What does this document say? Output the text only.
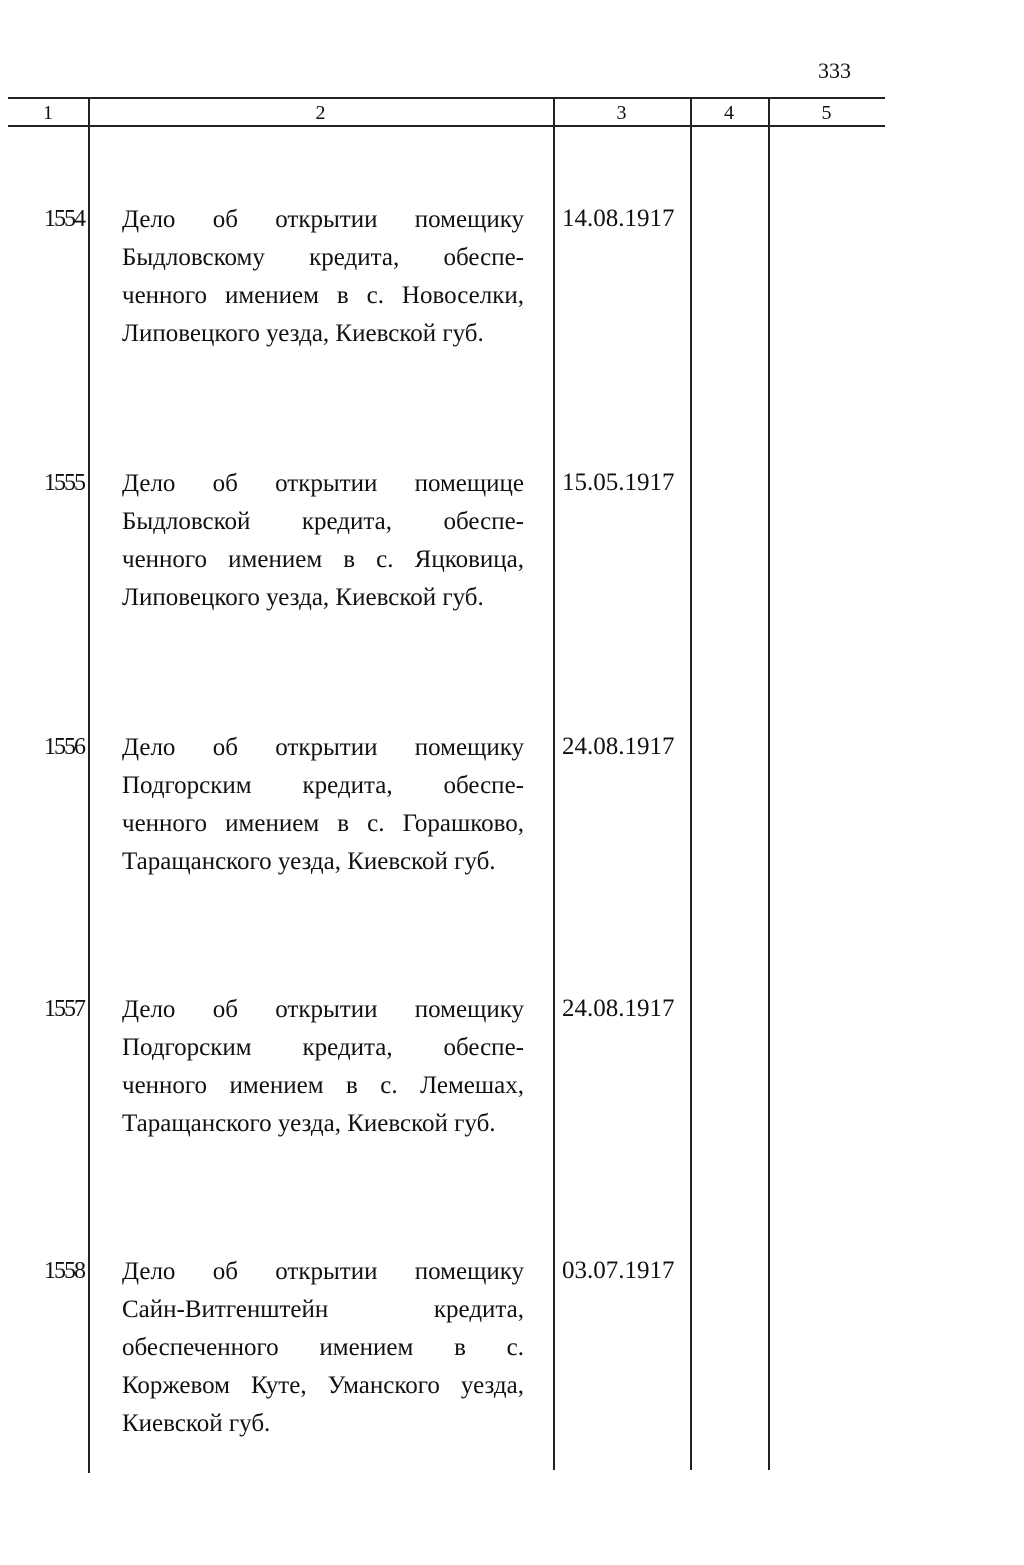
333
1	2	3	4	5
1554 Дело об открытии помещику
Быдловскому кредита, обеспе-
ченного имением в с. Новоселки,
Липовецкого уезда, Киевской губ.
14.08.1917
1555 Дело об открытии помещице
Быдловской кредита, обеспе-
ченного имением в с. Яцковица,
Липовецкого уезда, Киевской губ.
15.05.1917
1556 Дело об открытии помещику
Подгорским кредита, обеспе-
ченного имением в с. Горашково,
Таращанского уезда, Киевской губ.
24.08.1917
1557 Дело об открытии помещику
Подгорским кредита, обеспе-
ченного имением в с. Лемешах,
Таращанского уезда, Киевской губ.
24.08.1917
1558 Дело об открытии помещику
Сайн-Витгенштейн кредита,
обеспеченного имением в с.
Коржевом Куте, Уманского уезда,
Киевской губ.
03.07.1917
